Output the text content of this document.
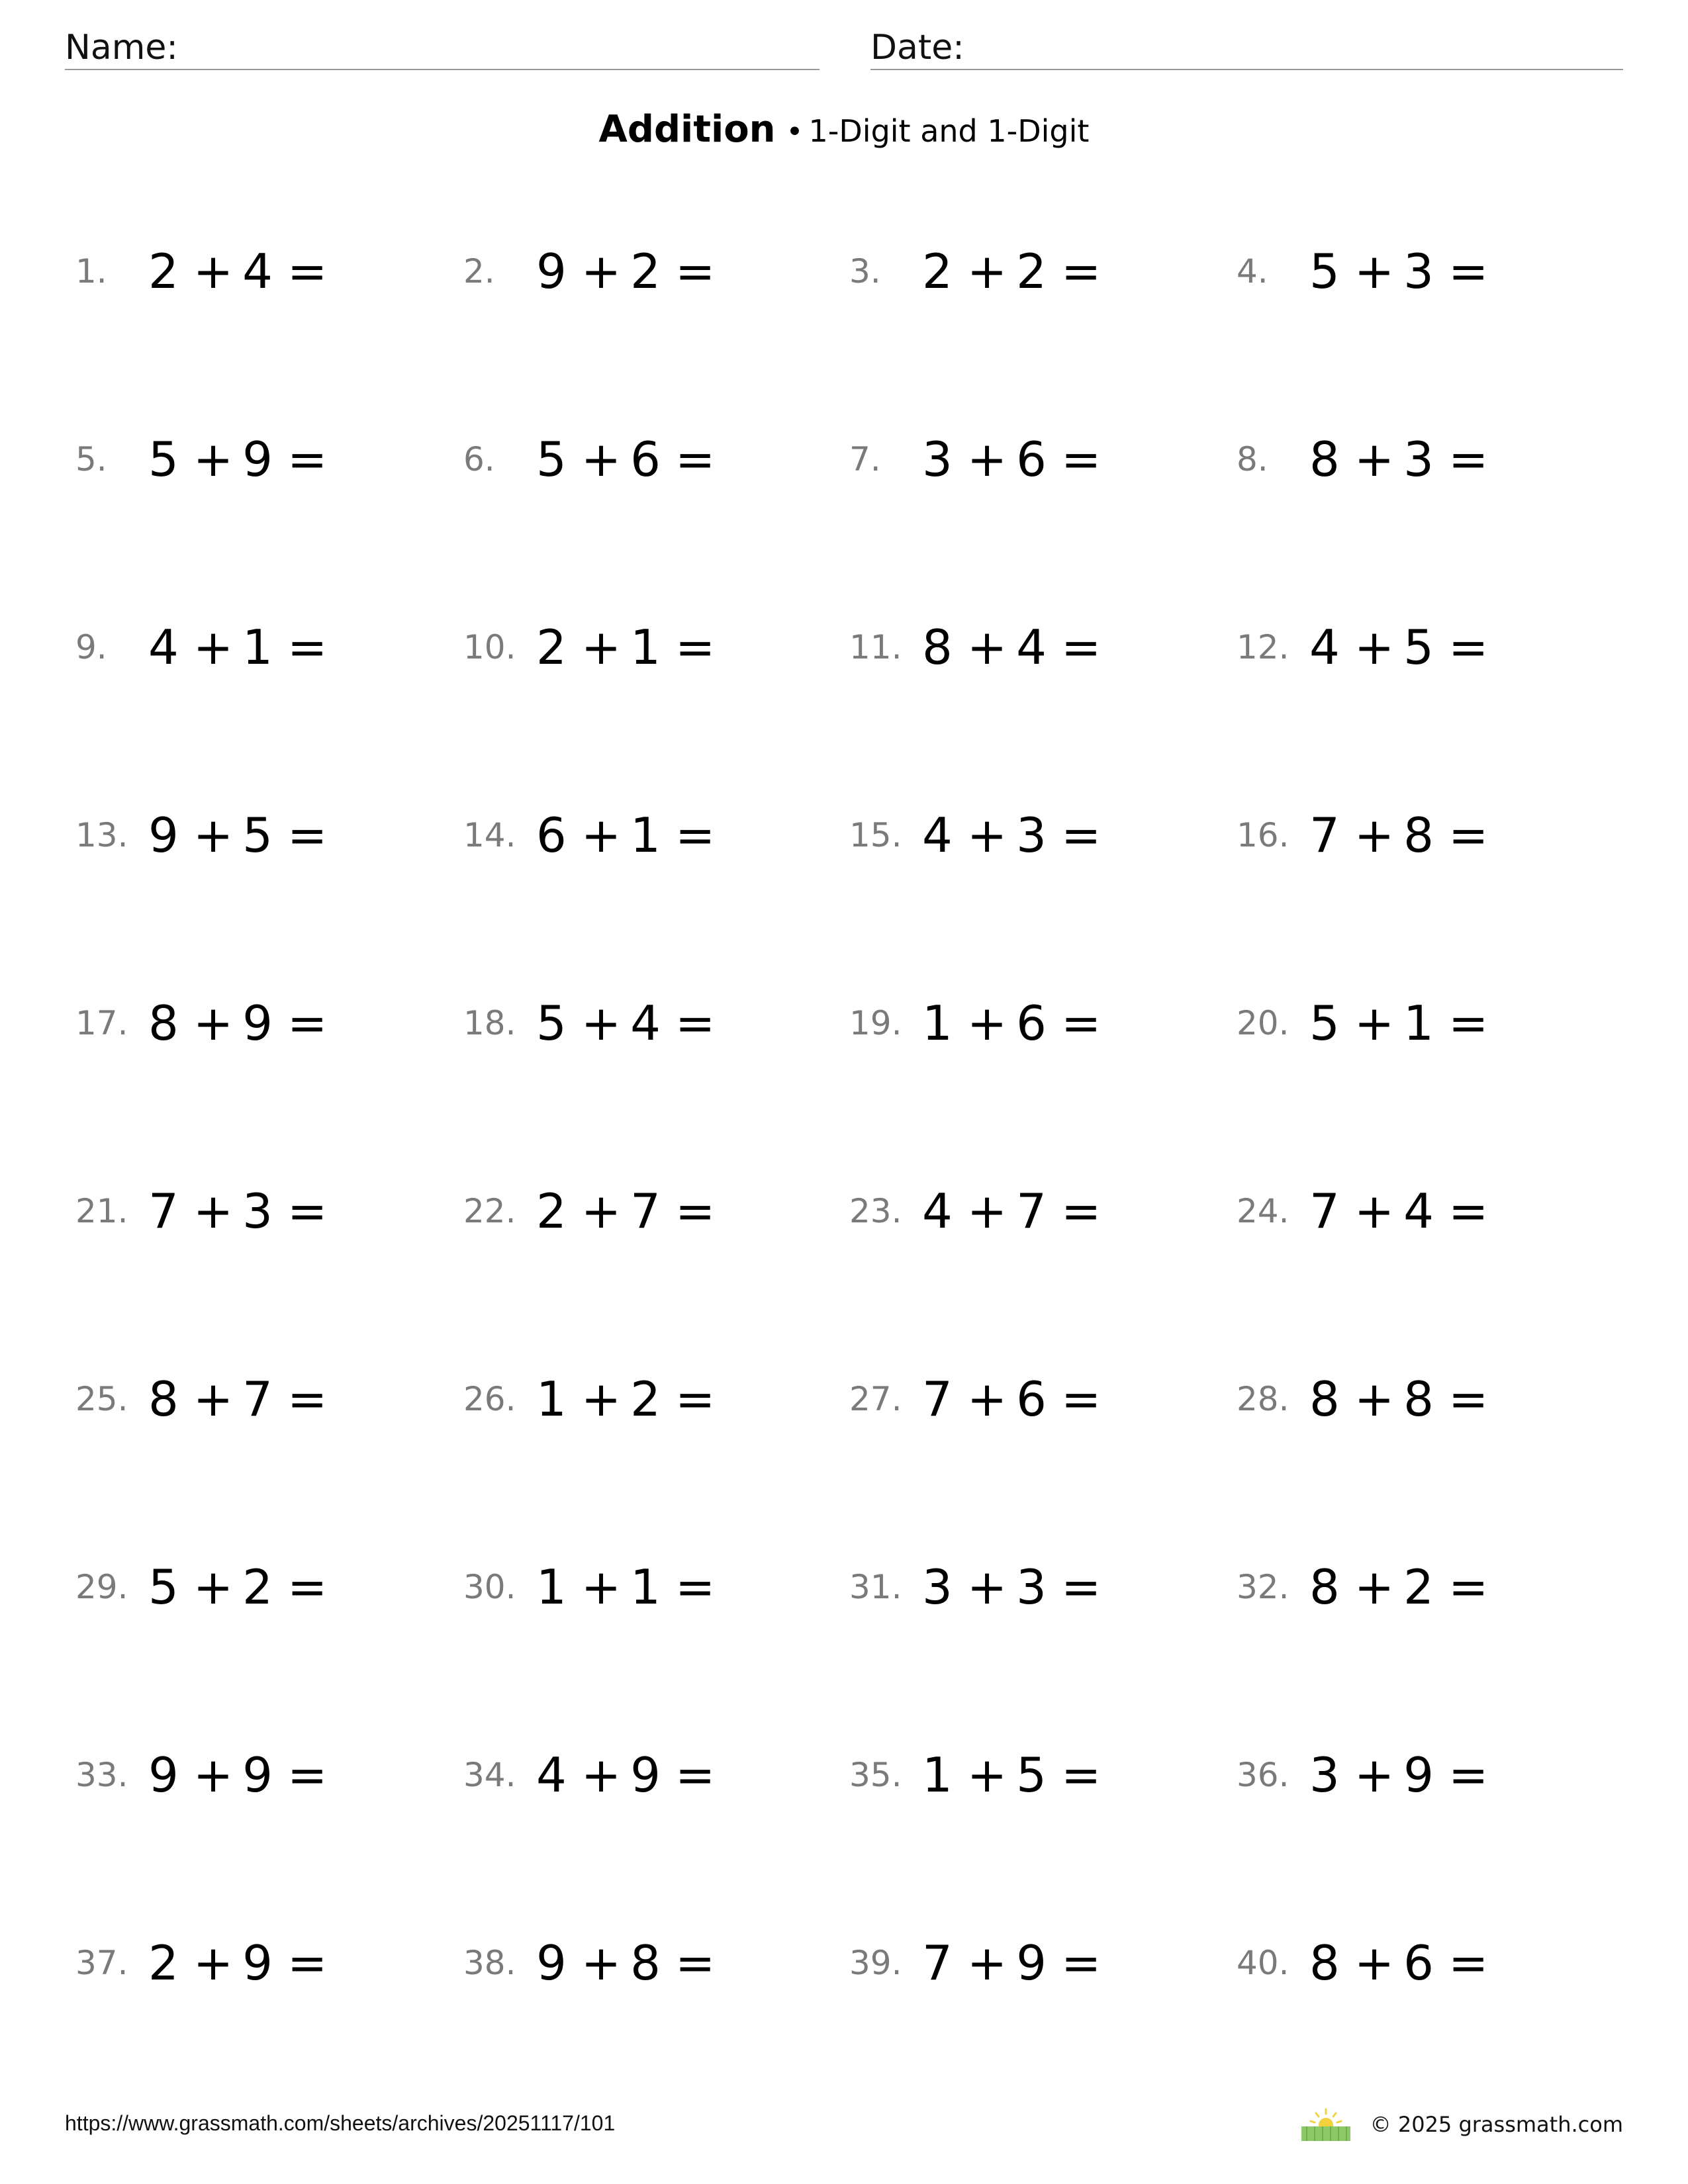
Name:	Date:
Addition • 1-Digit and 1-Digit
1. 2 + 4 =	2. 9 + 2 =	3. 2 + 2 =	4. 5 + 3 =
5. 5 + 9 =	6. 5 + 6 =	7. 3 + 6 =	8. 8 + 3 =
9. 4 + 1 =	10. 2 + 1 =	11. 8 + 4 =	12. 4 + 5 =
13. 9 + 5 =	14. 6 + 1 =	15. 4 + 3 =	16. 7 + 8 =
17. 8 + 9 =	18. 5 + 4 =	19. 1 + 6 =	20. 5 + 1 =
21. 7 + 3 =	22. 2 + 7 =	23. 4 + 7 =	24. 7 + 4 =
25. 8 + 7 =	26. 1 + 2 =	27. 7 + 6 =	28. 8 + 8 =
29. 5 + 2 =	30. 1 + 1 =	31. 3 + 3 =	32. 8 + 2 =
33. 9 + 9 =	34. 4 + 9 =	35. 1 + 5 =	36. 3 + 9 =
37. 2 + 9 =	38. 9 + 8 =	39. 7 + 9 =	40. 8 + 6 =
https://www.grassmath.com/sheets/archives/20251117/101	© 2025 grassmath.com
